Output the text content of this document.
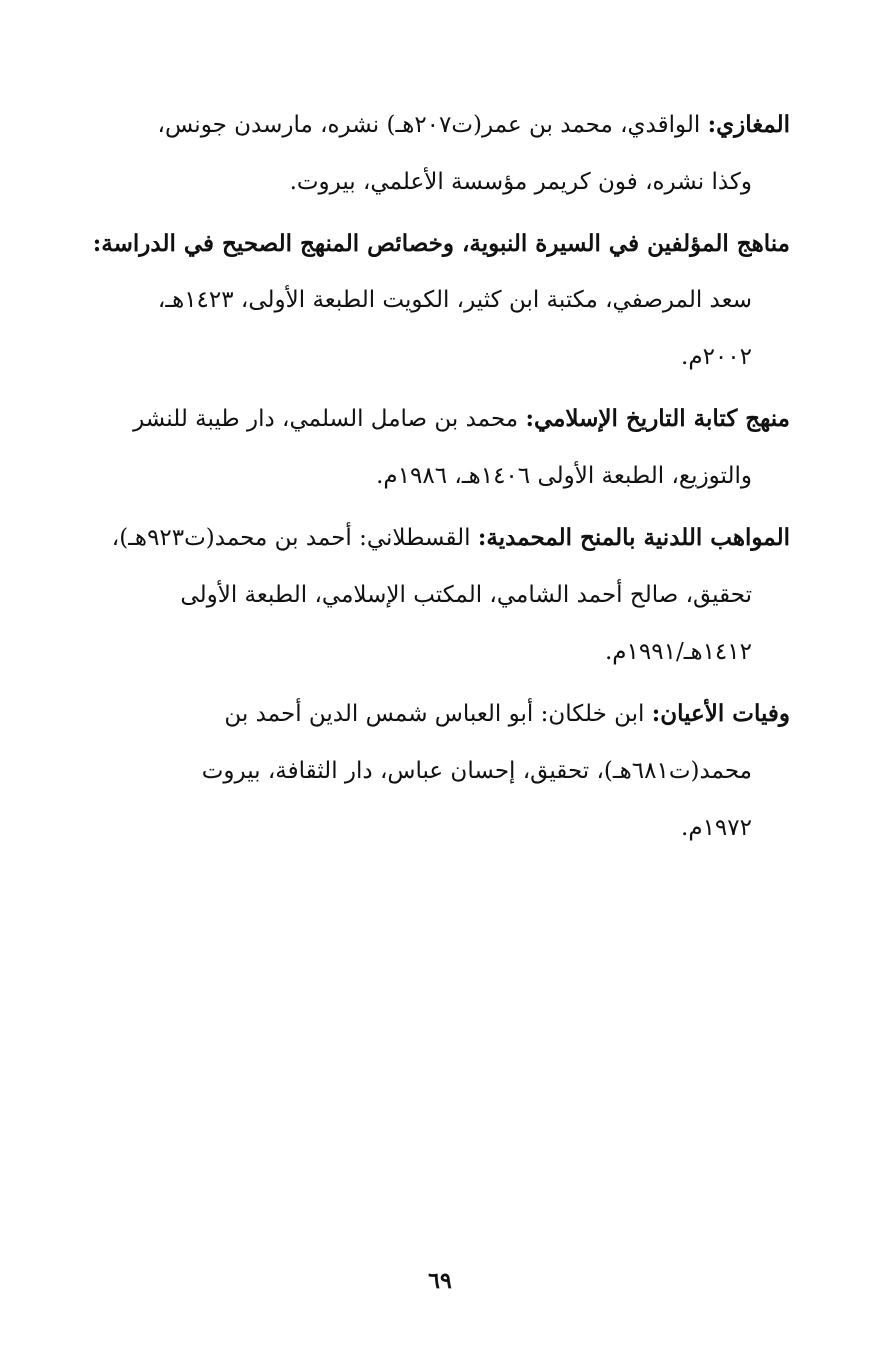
المغازي: الواقدي، محمد بن عمر(ت٢٠٧هـ) نشره، مارسدن جونس،
وكذا نشره، فون كريمر مؤسسة الأعلمي، بيروت.
مناهج المؤلفين في السيرة النبوية، وخصائص المنهج الصحيح في الدراسة:
سعد المرصفي، مكتبة ابن كثير، الكويت الطبعة الأولى، ١٤٢٣هـ،
٢٠٠٢م.
منهج كتابة التاريخ الإسلامي: محمد بن صامل السلمي، دار طيبة للنشر
والتوزيع، الطبعة الأولى ١٤٠٦هـ، ١٩٨٦م.
المواهب اللدنية بالمنح المحمدية: القسطلاني: أحمد بن محمد(ت٩٢٣هـ)،
تحقيق، صالح أحمد الشامي، المكتب الإسلامي، الطبعة الأولى
١٤١٢هـ/١٩٩١م.
وفيات الأعيان: ابن خلكان: أبو العباس شمس الدين أحمد بن
محمد(ت٦٨١هـ)، تحقيق، إحسان عباس، دار الثقافة، بيروت
١٩٧٢م.
٦٩
